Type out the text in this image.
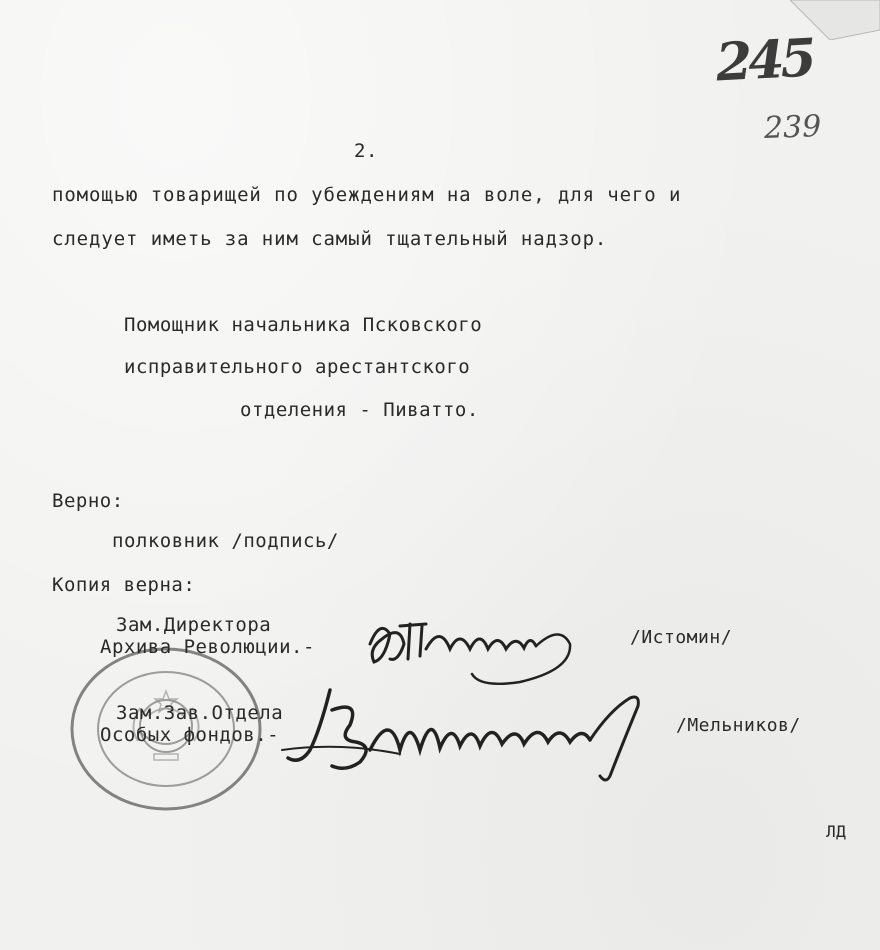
245
239
2.
помощью товарищей по убеждениям на воле, для чего и
следует иметь за ним самый тщательный надзор.
Помощник начальника Псковского
исправительного арестантского
отделения - Пиватто.
Верно:
полковник /подпись/
Копия верна:
Зам.Директора
Архива Революции.-	/Истомин/
Зам.Зав.Отдела
Особых фондов.-	/Мельников/
ЛД
